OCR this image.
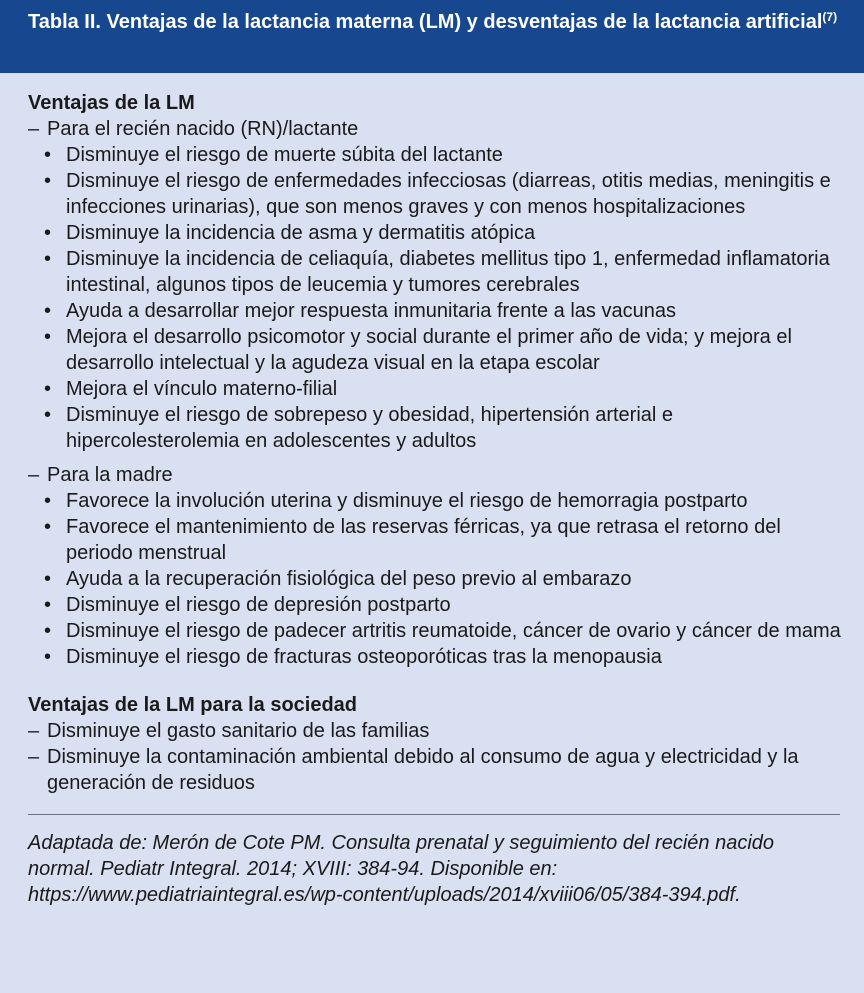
Tabla II. Ventajas de la lactancia materna (LM) y desventajas de la lactancia artificial$^{(7)}$
Ventajas de la LM
– Para el recién nacido (RN)/lactante
• Disminuye el riesgo de muerte súbita del lactante
• Disminuye el riesgo de enfermedades infecciosas (diarreas, otitis medias, meningitis e infecciones urinarias), que son menos graves y con menos hospitalizaciones
• Disminuye la incidencia de asma y dermatitis atópica
• Disminuye la incidencia de celiaquía, diabetes mellitus tipo 1, enfermedad inflamatoria intestinal, algunos tipos de leucemia y tumores cerebrales
• Ayuda a desarrollar mejor respuesta inmunitaria frente a las vacunas
• Mejora el desarrollo psicomotor y social durante el primer año de vida; y mejora el desarrollo intelectual y la agudeza visual en la etapa escolar
• Mejora el vínculo materno-filial
• Disminuye el riesgo de sobrepeso y obesidad, hipertensión arterial e hipercolesterolemia en adolescentes y adultos
– Para la madre
• Favorece la involución uterina y disminuye el riesgo de hemorragia postparto
• Favorece el mantenimiento de las reservas férricas, ya que retrasa el retorno del periodo menstrual
• Ayuda a la recuperación fisiológica del peso previo al embarazo
• Disminuye el riesgo de depresión postparto
• Disminuye el riesgo de padecer artritis reumatoide, cáncer de ovario y cáncer de mama
• Disminuye el riesgo de fracturas osteoporóticas tras la menopausia
Ventajas de la LM para la sociedad
– Disminuye el gasto sanitario de las familias
– Disminuye la contaminación ambiental debido al consumo de agua y electricidad y la generación de residuos
Adaptada de: Merón de Cote PM. Consulta prenatal y seguimiento del recién nacido normal. Pediatr Integral. 2014; XVIII: 384-94. Disponible en: https://www.pediatriaintegral.es/wp-content/uploads/2014/xviii06/05/384-394.pdf.
